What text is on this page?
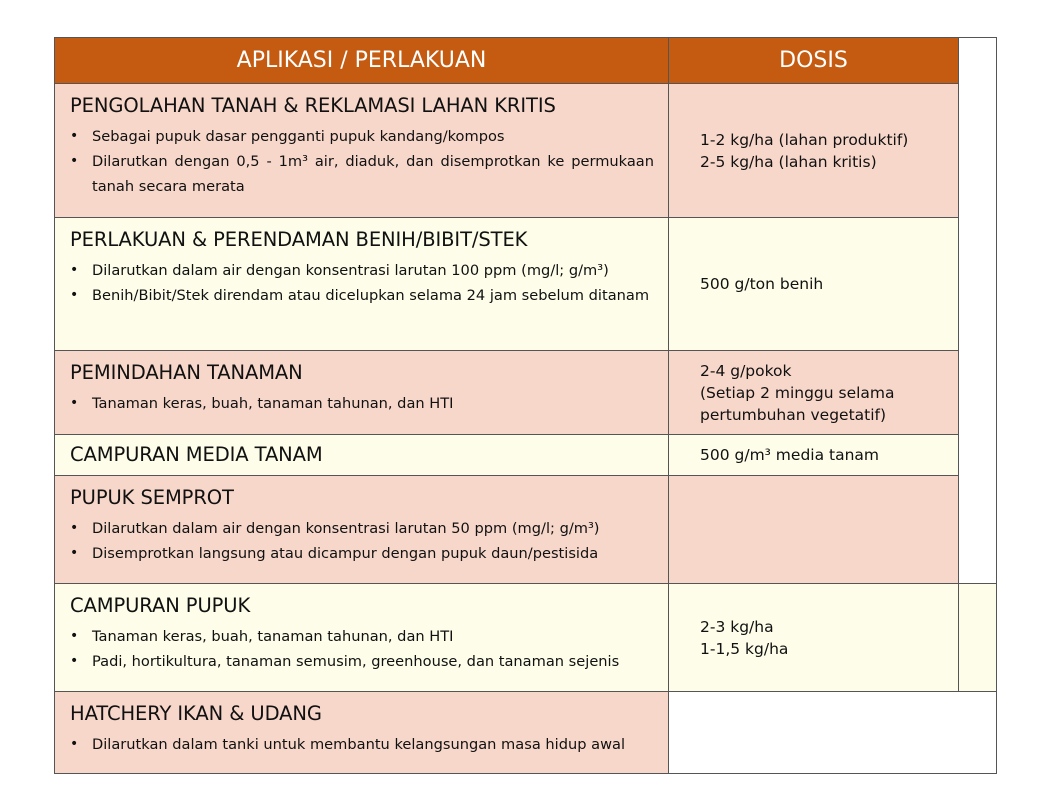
APLIKASI / PERLAKUAN	DOSIS
PENGOLAHAN TANAH & REKLAMASI LAHAN KRITIS
• Sebagai pupuk dasar pengganti pupuk kandang/kompos
• Dilarutkan dengan 0,5 - 1m³ air, diaduk, dan disemprotkan ke permukaan tanah secara merata
1-2 kg/ha (lahan produktif)
2-5 kg/ha (lahan kritis)
PERLAKUAN & PERENDAMAN BENIH/BIBIT/STEK
• Dilarutkan dalam air dengan konsentrasi larutan 100 ppm (mg/l; g/m³)
• Benih/Bibit/Stek direndam atau dicelupkan selama 24 jam sebelum ditanam
500 g/ton benih
PEMINDAHAN TANAMAN
• Tanaman keras, buah, tanaman tahunan, dan HTI
2-4 g/pokok
(Setiap 2 minggu selama
pertumbuhan vegetatif)
CAMPURAN MEDIA TANAM	500 g/m³ media tanam
PUPUK SEMPROT
• Dilarutkan dalam air dengan konsentrasi larutan 50 ppm (mg/l; g/m³)
• Disemprotkan langsung atau dicampur dengan pupuk daun/pestisida
CAMPURAN PUPUK
• Tanaman keras, buah, tanaman tahunan, dan HTI
• Padi, hortikultura, tanaman semusim, greenhouse, dan tanaman sejenis
2-3 kg/ha
1-1,5 kg/ha
HATCHERY IKAN & UDANG
• Dilarutkan dalam tanki untuk membantu kelangsungan masa hidup awal
